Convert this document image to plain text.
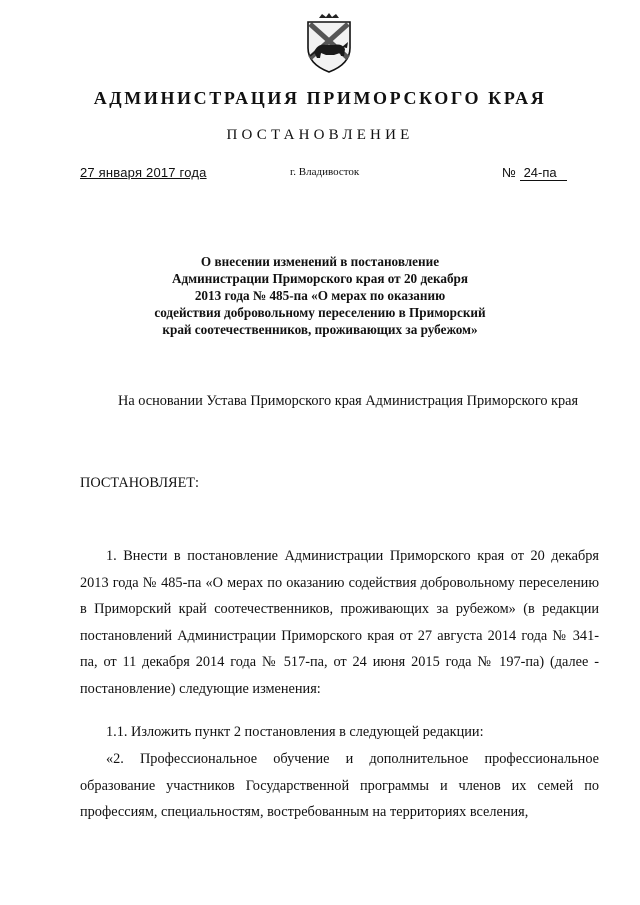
АДМИНИСТРАЦИЯ ПРИМОРСКОГО КРАЯ
ПОСТАНОВЛЕНИЕ
27 января 2017 года	г. Владивосток	№ 24-па
О внесении изменений в постановление
Администрации Приморского края от 20 декабря
2013 года № 485-па «О мерах по оказанию
содействия добровольному переселению в Приморский
край соотечественников, проживающих за рубежом»
На основании Устава Приморского края Администрация Приморского края
ПОСТАНОВЛЯЕТ:
1. Внести в постановление Администрации Приморского края от 20 декабря 2013 года № 485-па «О мерах по оказанию содействия добровольному переселению в Приморский край соотечественников, проживающих за рубежом» (в редакции постановлений Администрации Приморского края от 27 августа 2014 года № 341-па, от 11 декабря 2014 года № 517-па, от 24 июня 2015 года № 197-па) (далее - постановление) следующие изменения:
1.1. Изложить пункт 2 постановления в следующей редакции:
«2. Профессиональное обучение и дополнительное профессиональное образование участников Государственной программы и членов их семей по профессиям, специальностям, востребованным на территориях вселения,
